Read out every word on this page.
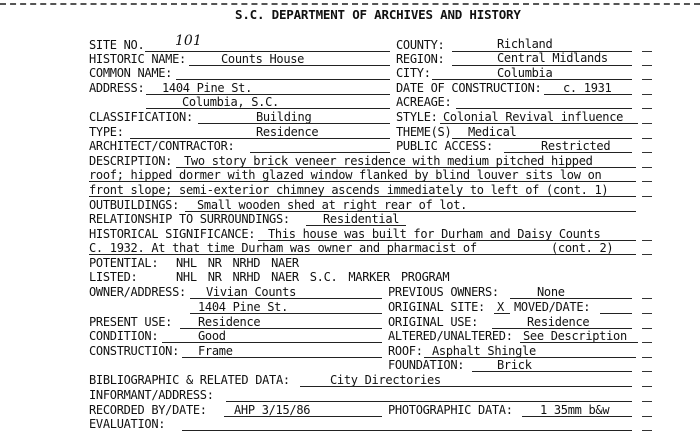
S.C. DEPARTMENT OF ARCHIVES AND HISTORY
SITE NO. 101	COUNTY:	Richland
HISTORIC NAME:	Counts House	REGION:	Central Midlands
COMMON NAME:	CITY:	Columbia
ADDRESS: 1404 Pine St.	DATE OF CONSTRUCTION: c. 1931
Columbia, S.C.	ACREAGE:
CLASSIFICATION:	Building	STYLE: Colonial Revival influence
TYPE:	Residence	THEME(S) Medical
ARCHITECT/CONTRACTOR:	PUBLIC ACCESS:	Restricted
DESCRIPTION: Two story brick veneer residence with medium pitched hipped
roof; hipped dormer with glazed window flanked by blind louver sits low on
front slope; semi-exterior chimney ascends immediately to left of (cont. 1)
OUTBUILDINGS: Small wooden shed at right rear of lot.
RELATIONSHIP TO SURROUNDINGS:	Residential
HISTORICAL SIGNIFICANCE: This house was built for Durham and Daisy Counts
C. 1932. At that time Durham was owner and pharmacist of	(cont. 2)
POTENTIAL: NHL NR NRHD NAER
LISTED:	NHL NR NRHD NAER S.C. MARKER PROGRAM
OWNER/ADDRESS: Vivian Counts	PREVIOUS OWNERS:	None
1404 Pine St.	ORIGINAL SITE: X MOVED/DATE:
PRESENT USE: Residence	ORIGINAL USE:	Residence
CONDITION:	Good	ALTERED/UNALTERED: See Description
CONSTRUCTION: Frame	ROOF: Asphalt Shingle
FOUNDATION:	Brick
BIBLIOGRAPHIC & RELATED DATA:	City Directories
INFORMANT/ADDRESS:
RECORDED BY/DATE: AHP 3/15/86	PHOTOGRAPHIC DATA: 1 35mm b&w
EVALUATION:
